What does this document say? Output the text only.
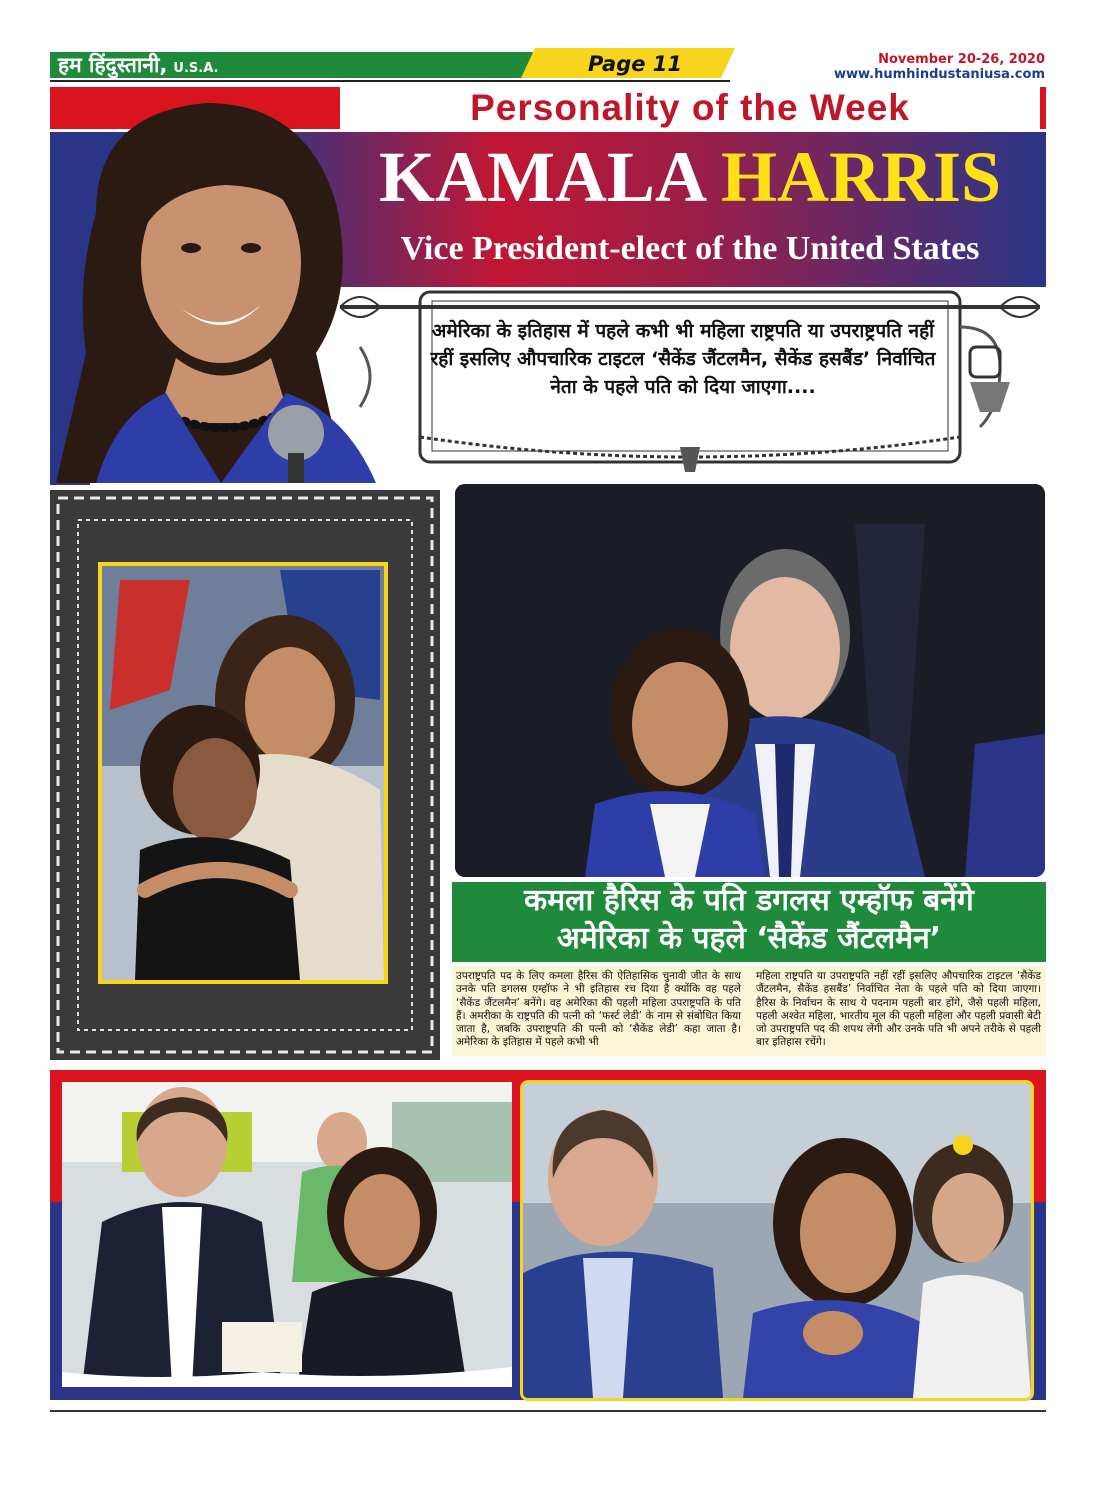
हम हिंदुस्तानी, U.S.A.	Page 11	November 20-26, 2020
www.humhindustaniusa.com
Personality of the Week
KAMALA HARRIS
Vice President-elect of the United States
अमेरिका के इतिहास में पहले कभी भी महिला राष्ट्रपति या उपराष्ट्रपति नहीं रहीं इसलिए औपचारिक टाइटल ‘सैकेंड जैंटलमैन, सैकेंड हसबैंड’ निर्वाचित नेता के पहले पति को दिया जाएगा....
कमला हैरिस के पति डगलस एम्हॉफ बनेंगे
अमेरिका के पहले ‘सैकेंड जैंटलमैन’
उपराष्ट्रपति पद के लिए कमला हैरिस की ऐतिहासिक चुनावी जीत के साथ उनके पति डगलस एम्हॉफ ने भी इतिहास रच दिया है क्योंकि वह पहले ‘सैकेंड जैंटलमैन’ बनेंगे। वह अमेरिका की पहली महिला उपराष्ट्रपति के पति हैं। अमरीका के राष्ट्रपति की पत्नी को ‘फर्स्ट लेडी’ के नाम से संबोधित किया जाता है, जबकि उपराष्ट्रपति की पत्नी को ‘सैकेंड लेडी’ कहा जाता है। अमेरिका के इतिहास में पहले कभी भी
महिला राष्ट्रपति या उपराष्ट्रपति नहीं रहीं इसलिए औपचारिक टाइटल ‘सैकेंड जैंटलमैन, सैकेंड हसबैंड’ निर्वाचित नेता के पहले पति को दिया जाएगा। हैरिस के निर्वाचन के साथ ये पदनाम पहली बार होंगे, जैसे पहली महिला, पहली अश्वेत महिला, भारतीय मूल की पहली महिला और पहली प्रवासी बेटी जो उपराष्ट्रपति पद की शपथ लेंगी और उनके पति भी अपने तरीके से पहली बार इतिहास रचेंगे।
